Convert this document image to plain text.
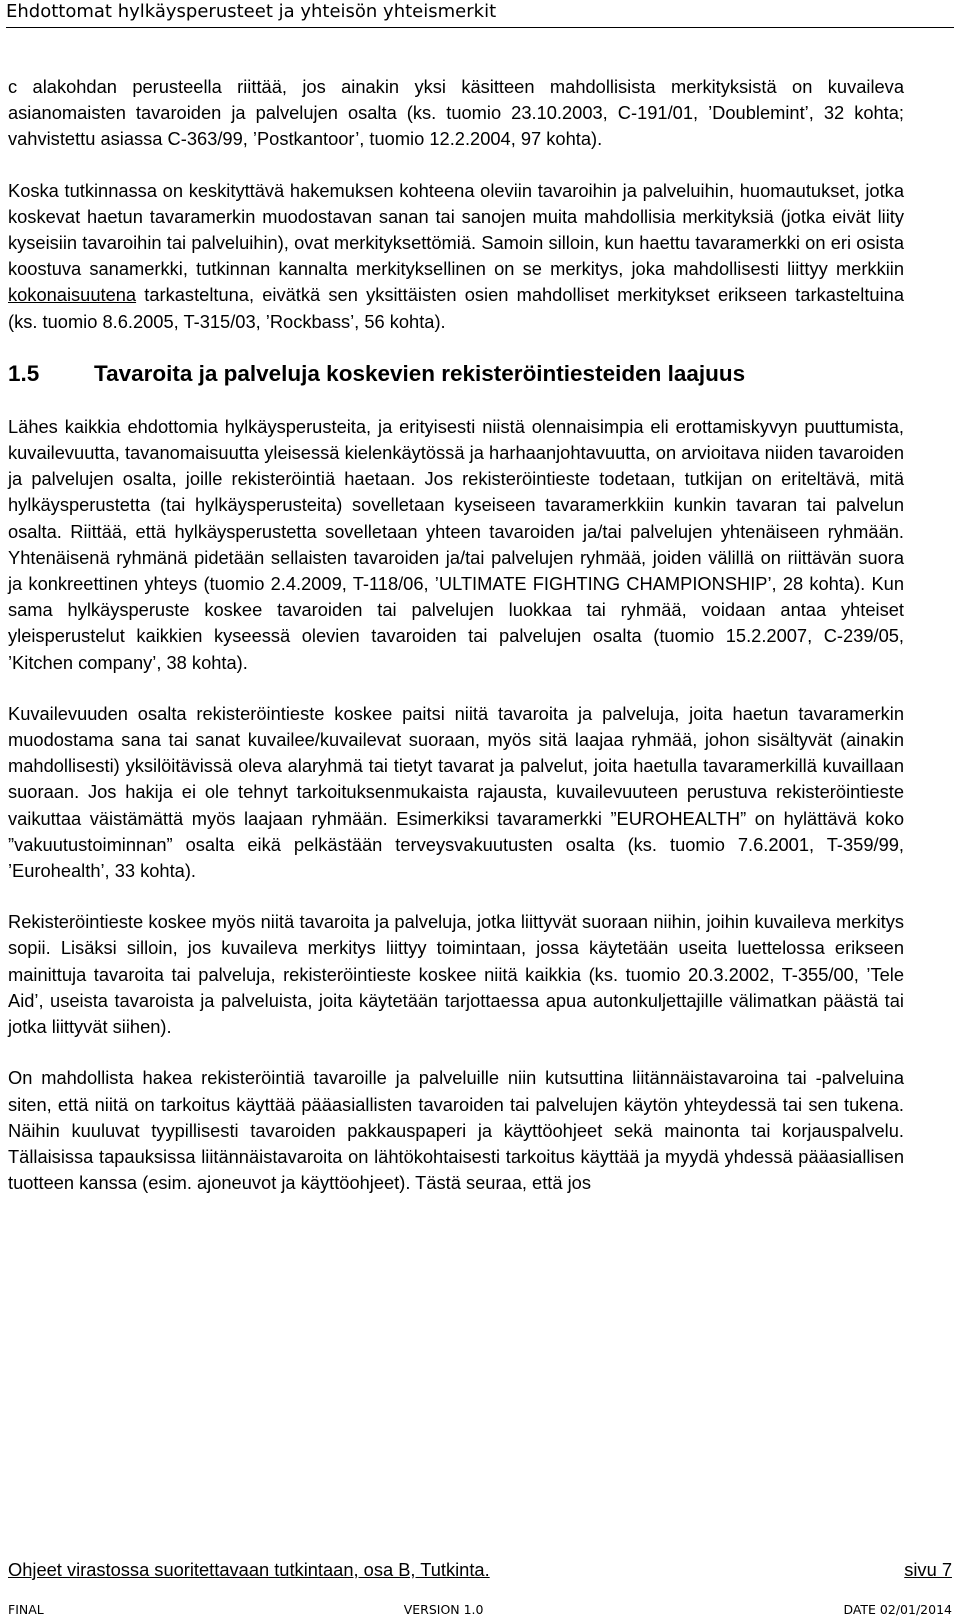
Ehdottomat hylkäysperusteet ja yhteisön yhteismerkit

c alakohdan perusteella riittää, jos ainakin yksi käsitteen mahdollisista merkityksistä on kuvaileva asianomaisten tavaroiden ja palvelujen osalta (ks. tuomio 23.10.2003, C-191/01, ’Doublemint’, 32 kohta; vahvistettu asiassa C-363/99, ’Postkantoor’, tuomio 12.2.2004, 97 kohta).

Koska tutkinnassa on keskityttävä hakemuksen kohteena oleviin tavaroihin ja palveluihin, huomautukset, jotka koskevat haetun tavaramerkin muodostavan sanan tai sanojen muita mahdollisia merkityksiä (jotka eivät liity kyseisiin tavaroihin tai palveluihin), ovat merkityksettömiä. Samoin silloin, kun haettu tavaramerkki on eri osista koostuva sanamerkki, tutkinnan kannalta merkityksellinen on se merkitys, joka mahdollisesti liittyy merkkiin kokonaisuutena tarkasteltuna, eivätkä sen yksittäisten osien mahdolliset merkitykset erikseen tarkasteltuina (ks. tuomio 8.6.2005, T-315/03, ’Rockbass’, 56 kohta).

1.5	Tavaroita ja palveluja koskevien rekisteröintiesteiden laajuus

Lähes kaikkia ehdottomia hylkäysperusteita, ja erityisesti niistä olennaisimpia eli erottamiskyvyn puuttumista, kuvailevuutta, tavanomaisuutta yleisessä kielenkäytössä ja harhaanjohtavuutta, on arvioitava niiden tavaroiden ja palvelujen osalta, joille rekisteröintiä haetaan. Jos rekisteröintieste todetaan, tutkijan on eriteltävä, mitä hylkäysperustetta (tai hylkäysperusteita) sovelletaan kyseiseen tavaramerkkiin kunkin tavaran tai palvelun osalta. Riittää, että hylkäysperustetta sovelletaan yhteen tavaroiden ja/tai palvelujen yhtenäiseen ryhmään. Yhtenäisenä ryhmänä pidetään sellaisten tavaroiden ja/tai palvelujen ryhmää, joiden välillä on riittävän suora ja konkreettinen yhteys (tuomio 2.4.2009, T-118/06, ’ULTIMATE FIGHTING CHAMPIONSHIP’, 28 kohta). Kun sama hylkäysperuste koskee tavaroiden tai palvelujen luokkaa tai ryhmää, voidaan antaa yhteiset yleisperustelut kaikkien kyseessä olevien tavaroiden tai palvelujen osalta (tuomio 15.2.2007, C-239/05, ’Kitchen company’, 38 kohta).

Kuvailevuuden osalta rekisteröintieste koskee paitsi niitä tavaroita ja palveluja, joita haetun tavaramerkin muodostama sana tai sanat kuvailee/kuvailevat suoraan, myös sitä laajaa ryhmää, johon sisältyvät (ainakin mahdollisesti) yksilöitävissä oleva alaryhmä tai tietyt tavarat ja palvelut, joita haetulla tavaramerkillä kuvaillaan suoraan. Jos hakija ei ole tehnyt tarkoituksenmukaista rajausta, kuvailevuuteen perustuva rekisteröintieste vaikuttaa väistämättä myös laajaan ryhmään. Esimerkiksi tavaramerkki ”EUROHEALTH” on hylättävä koko ”vakuutustoiminnan” osalta eikä pelkästään terveysvakuutusten osalta (ks. tuomio 7.6.2001, T-359/99, ’Eurohealth’, 33 kohta).

Rekisteröintieste koskee myös niitä tavaroita ja palveluja, jotka liittyvät suoraan niihin, joihin kuvaileva merkitys sopii. Lisäksi silloin, jos kuvaileva merkitys liittyy toimintaan, jossa käytetään useita luettelossa erikseen mainittuja tavaroita tai palveluja, rekisteröintieste koskee niitä kaikkia (ks. tuomio 20.3.2002, T-355/00, ’Tele Aid’, useista tavaroista ja palveluista, joita käytetään tarjottaessa apua autonkuljettajille välimatkan päästä tai jotka liittyvät siihen).

On mahdollista hakea rekisteröintiä tavaroille ja palveluille niin kutsuttina liitännäistavaroina tai -palveluina siten, että niitä on tarkoitus käyttää pääasiallisten tavaroiden tai palvelujen käytön yhteydessä tai sen tukena. Näihin kuuluvat tyypillisesti tavaroiden pakkauspaperi ja käyttöohjeet sekä mainonta tai korjauspalvelu. Tällaisissa tapauksissa liitännäistavaroita on lähtökohtaisesti tarkoitus käyttää ja myydä yhdessä pääasiallisen tuotteen kanssa (esim. ajoneuvot ja käyttöohjeet). Tästä seuraa, että jos

Ohjeet virastossa suoritettavaan tutkintaan, osa B, Tutkinta.	sivu 7
FINAL	VERSION 1.0	DATE 02/01/2014
